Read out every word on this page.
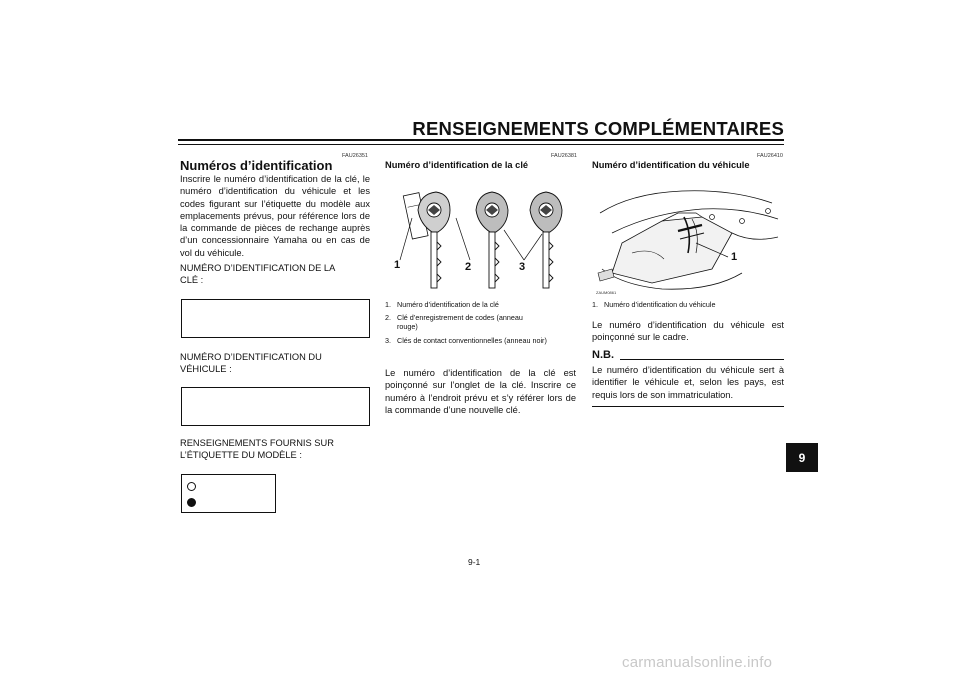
RENSEIGNEMENTS COMPLÉMENTAIRES
FAU26351
Numéros d’identification
Inscrire le numéro d’identification de la clé, le numéro d’identification du véhicule et les codes figurant sur l’étiquette du modèle aux emplacements prévus, pour référence lors de la commande de pièces de rechange auprès d’un concessionnaire Yamaha ou en cas de vol du véhicule.
NUMÉRO D’IDENTIFICATION DE LA
CLÉ :
NUMÉRO D’IDENTIFICATION DU
VÉHICULE :
RENSEIGNEMENTS FOURNIS SUR
L’ÉTIQUETTE DU MODÈLE :
FAU26381
Numéro d’identification de la clé
1	2	3
1. Numéro d’identification de la clé
2. Clé d’enregistrement de codes (anneau rouge)
3. Clés de contact conventionnelles (anneau noir)
Le numéro d’identification de la clé est poinçonné sur l’onglet de la clé. Inscrire ce numéro à l’endroit prévu et s’y référer lors de la commande d’une nouvelle clé.
FAU26410
Numéro d’identification du véhicule
1
ZAUM0861
1. Numéro d’identification du véhicule
Le numéro d’identification du véhicule est poinçonné sur le cadre.
N.B.
Le numéro d’identification du véhicule sert à identifier le véhicule et, selon les pays, est requis lors de son immatriculation.
9
9-1
carmanualsonline.info
